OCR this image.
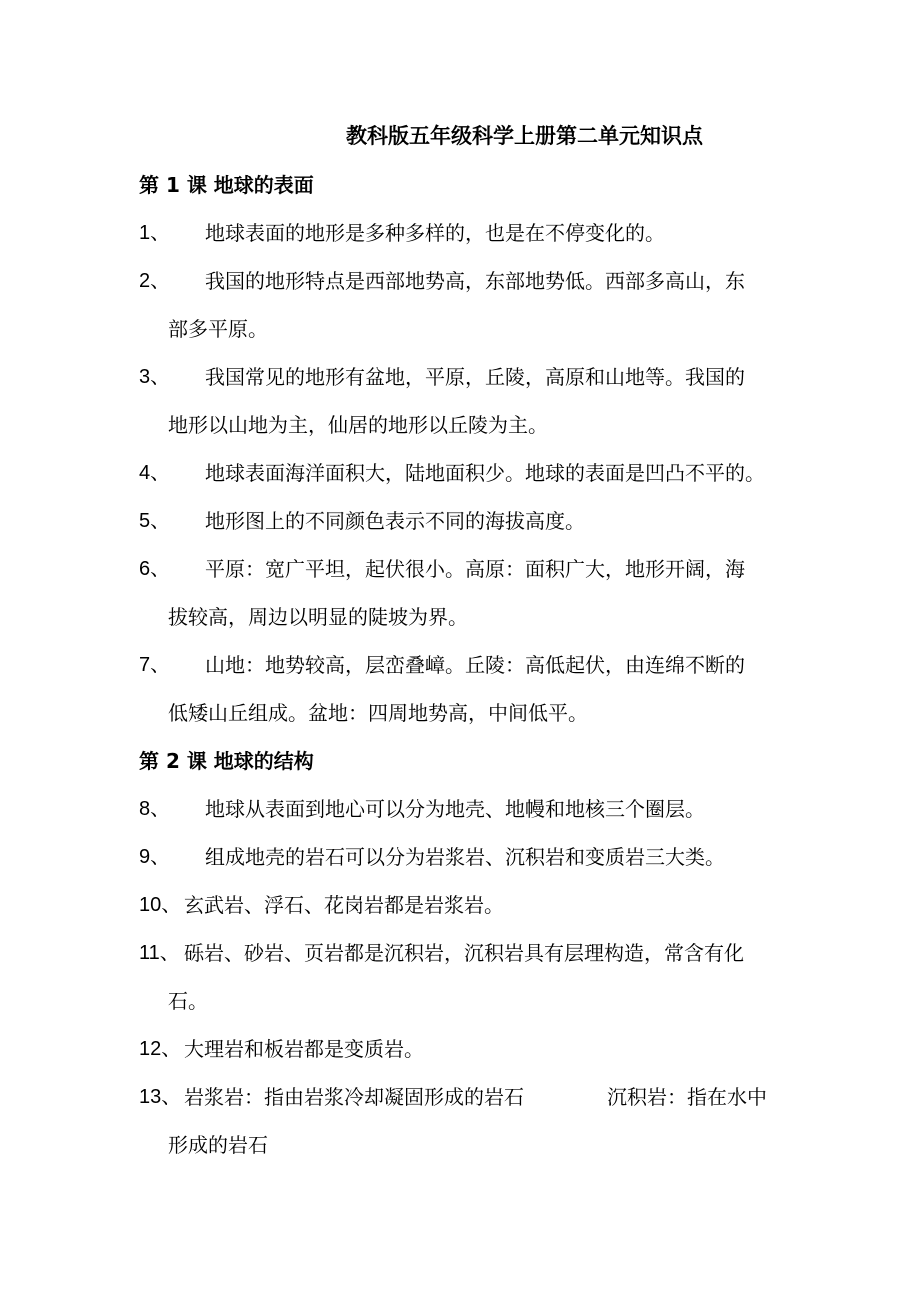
教科版五年级科学上册第二单元知识点
第 1 课 地球的表面
1、 地球表面的地形是多种多样的，也是在不停变化的。
2、 我国的地形特点是西部地势高，东部地势低。西部多高山，东
部多平原。
3、 我国常见的地形有盆地，平原，丘陵，高原和山地等。我国的
地形以山地为主，仙居的地形以丘陵为主。
4、 地球表面海洋面积大，陆地面积少。地球的表面是凹凸不平的。
5、 地形图上的不同颜色表示不同的海拔高度。
6、 平原：宽广平坦，起伏很小。高原：面积广大，地形开阔，海
拔较高，周边以明显的陡坡为界。
7、 山地：地势较高，层峦叠嶂。丘陵：高低起伏，由连绵不断的
低矮山丘组成。盆地：四周地势高，中间低平。
第 2 课 地球的结构
8、 地球从表面到地心可以分为地壳、地幔和地核三个圈层。
9、 组成地壳的岩石可以分为岩浆岩、沉积岩和变质岩三大类。
10、 玄武岩、浮石、花岗岩都是岩浆岩。
11、 砾岩、砂岩、页岩都是沉积岩，沉积岩具有层理构造，常含有化
石。
12、 大理岩和板岩都是变质岩。
13、 岩浆岩：指由岩浆冷却凝固形成的岩石	沉积岩：指在水中
形成的岩石
